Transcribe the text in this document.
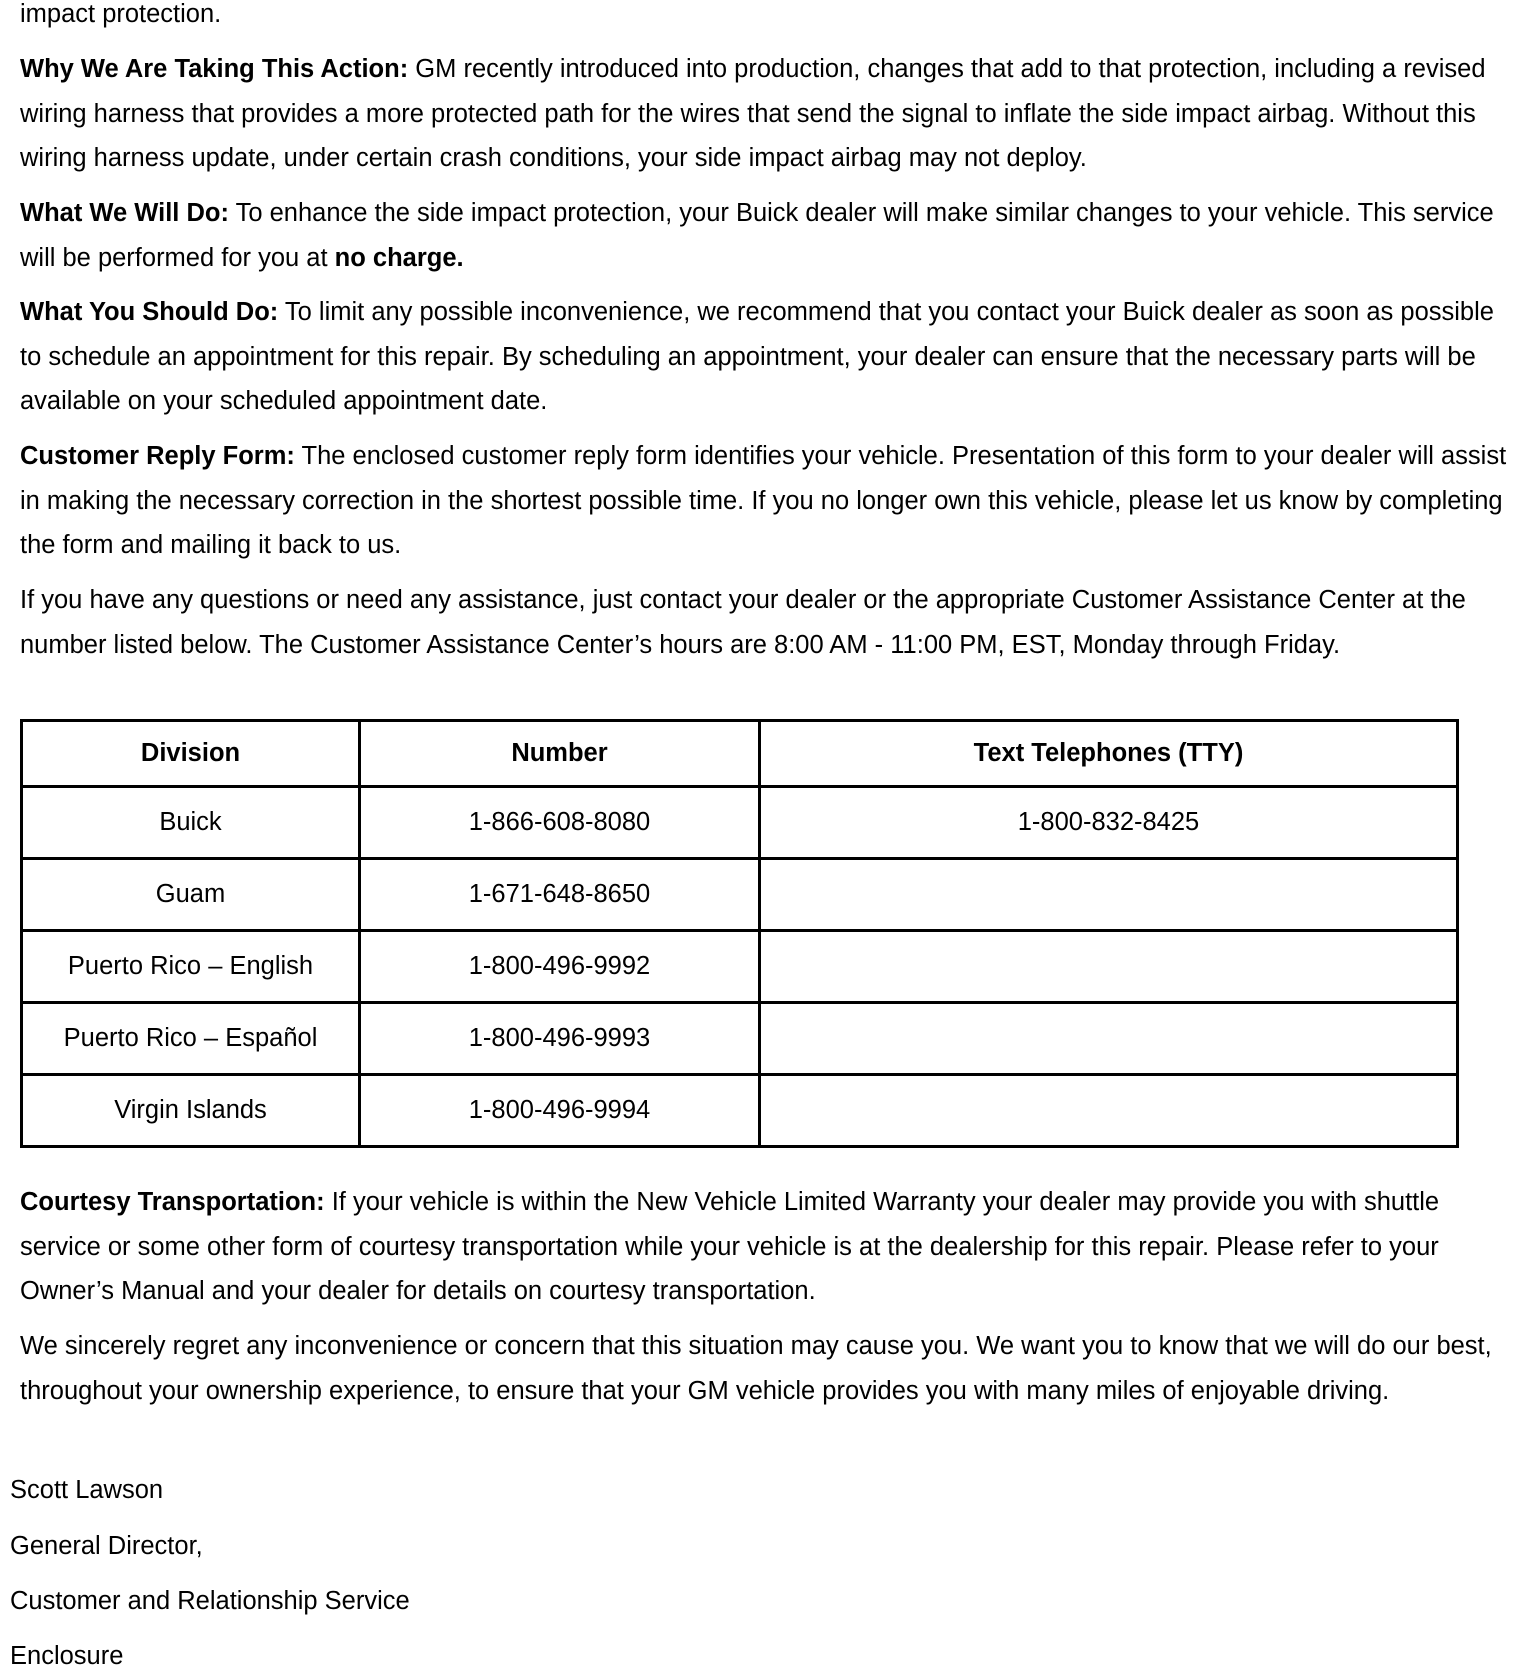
impact protection.

Why We Are Taking This Action: GM recently introduced into production, changes that add to that protection, including a revised wiring harness that provides a more protected path for the wires that send the signal to inflate the side impact airbag. Without this wiring harness update, under certain crash conditions, your side impact airbag may not deploy.

What We Will Do: To enhance the side impact protection, your Buick dealer will make similar changes to your vehicle. This service will be performed for you at no charge.

What You Should Do: To limit any possible inconvenience, we recommend that you contact your Buick dealer as soon as possible to schedule an appointment for this repair. By scheduling an appointment, your dealer can ensure that the necessary parts will be available on your scheduled appointment date.

Customer Reply Form: The enclosed customer reply form identifies your vehicle. Presentation of this form to your dealer will assist in making the necessary correction in the shortest possible time. If you no longer own this vehicle, please let us know by completing the form and mailing it back to us.

If you have any questions or need any assistance, just contact your dealer or the appropriate Customer Assistance Center at the number listed below. The Customer Assistance Center’s hours are 8:00 AM - 11:00 PM, EST, Monday through Friday.

Division	Number	Text Telephones (TTY)
Buick	1-866-608-8080	1-800-832-8425
Guam	1-671-648-8650	
Puerto Rico – English	1-800-496-9992	
Puerto Rico – Español	1-800-496-9993	
Virgin Islands	1-800-496-9994	

Courtesy Transportation: If your vehicle is within the New Vehicle Limited Warranty your dealer may provide you with shuttle service or some other form of courtesy transportation while your vehicle is at the dealership for this repair. Please refer to your Owner’s Manual and your dealer for details on courtesy transportation.

We sincerely regret any inconvenience or concern that this situation may cause you. We want you to know that we will do our best, throughout your ownership experience, to ensure that your GM vehicle provides you with many miles of enjoyable driving.

Scott Lawson

General Director,

Customer and Relationship Service

Enclosure
